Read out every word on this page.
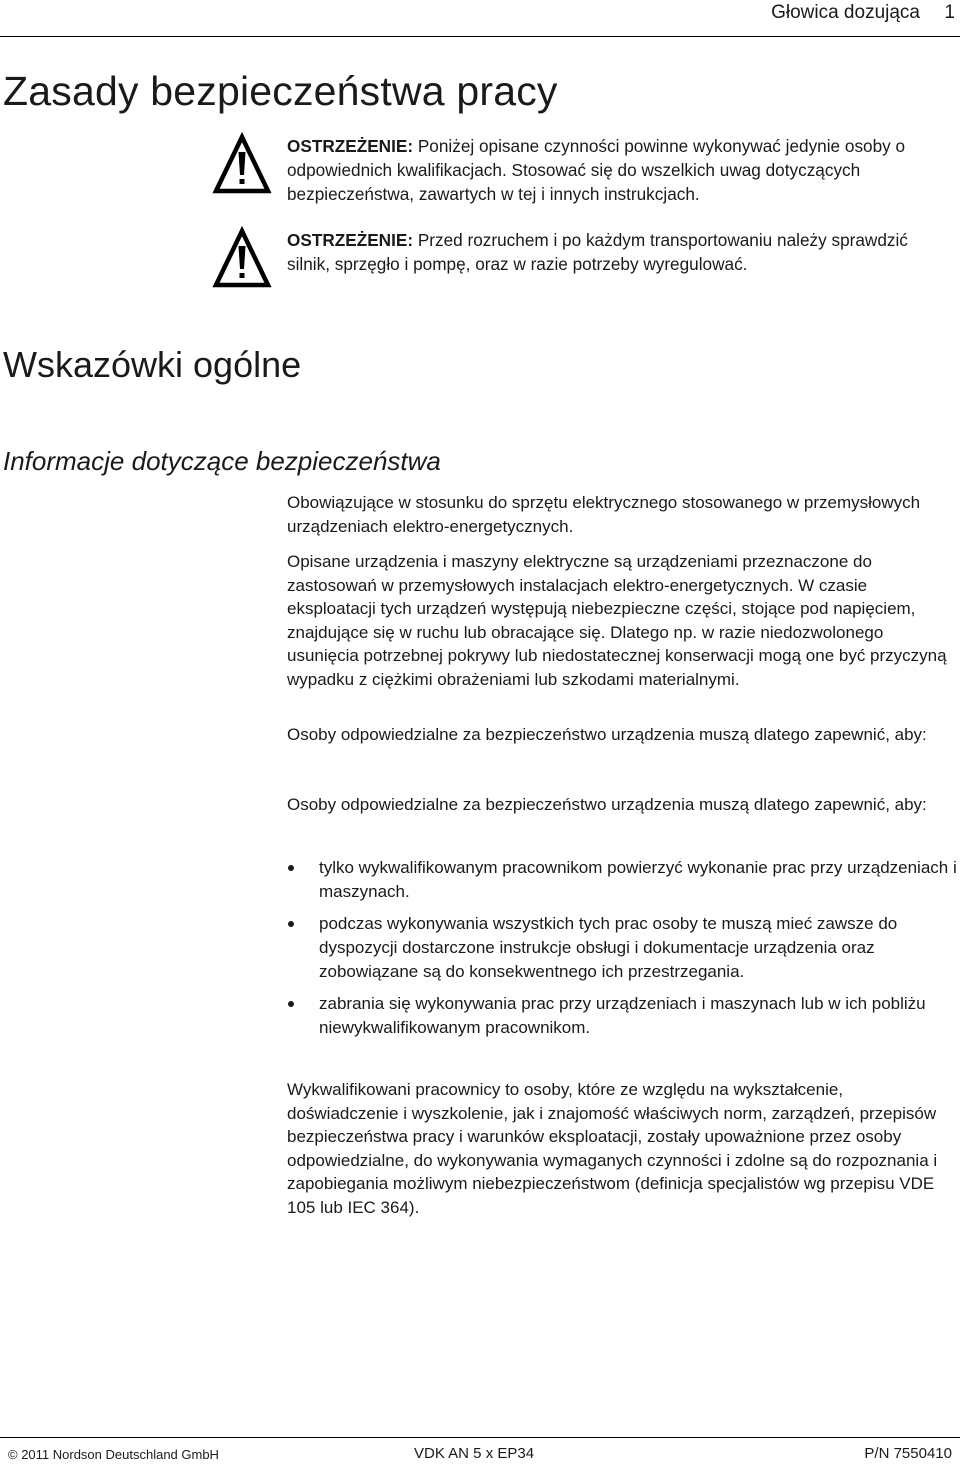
Głowica dozująca 1
Zasady bezpieczeństwa pracy
OSTRZEŻENIE: Poniżej opisane czynności powinne wykonywać jedynie osoby o odpowiednich kwalifikacjach. Stosować się do wszelkich uwag dotyczących bezpieczeństwa, zawartych w tej i innych instrukcjach.
OSTRZEŻENIE: Przed rozruchem i po każdym transportowaniu należy sprawdzić silnik, sprzęgło i pompę, oraz w razie potrzeby wyregulować.
Wskazówki ogólne
Informacje dotyczące bezpieczeństwa

Obowiązujące w stosunku do sprzętu elektrycznego stosowanego w przemysłowych urządzeniach elektro-energetycznych.

Opisane urządzenia i maszyny elektryczne są urządzeniami przeznaczone do zastosowań w przemysłowych instalacjach elektro-energetycznych. W czasie eksploatacji tych urządzeń występują niebezpieczne części, stojące pod napięciem, znajdujące się w ruchu lub obracające się. Dlatego np. w razie niedozwolonego usunięcia potrzebnej pokrywy lub niedostatecznej konserwacji mogą one być przyczyną wypadku z ciężkimi obrażeniami lub szkodami materialnymi.

Osoby odpowiedzialne za bezpieczeństwo urządzenia muszą dlatego zapewnić, aby:

Osoby odpowiedzialne za bezpieczeństwo urządzenia muszą dlatego zapewnić, aby:

tylko wykwalifikowanym pracownikom powierzyć wykonanie prac przy urządzeniach i maszynach.
podczas wykonywania wszystkich tych prac osoby te muszą mieć zawsze do dyspozycji dostarczone instrukcje obsługi i dokumentacje urządzenia oraz zobowiązane są do konsekwentnego ich przestrzegania.
zabrania się wykonywania prac przy urządzeniach i maszynach lub w ich pobliżu niewykwalifikowanym pracownikom.

Wykwalifikowani pracownicy to osoby, które ze względu na wykształcenie, doświadczenie i wyszkolenie, jak i znajomość właściwych norm, zarządzeń, przepisów bezpieczeństwa pracy i warunków eksploatacji, zostały upoważnione przez osoby odpowiedzialne, do wykonywania wymaganych czynności i zdolne są do rozpoznania i zapobiegania możliwym niebezpieczeństwom (definicja specjalistów wg przepisu VDE 105 lub IEC 364).

© 2011 Nordson Deutschland GmbH	VDK AN 5 x EP34	P/N 7550410
